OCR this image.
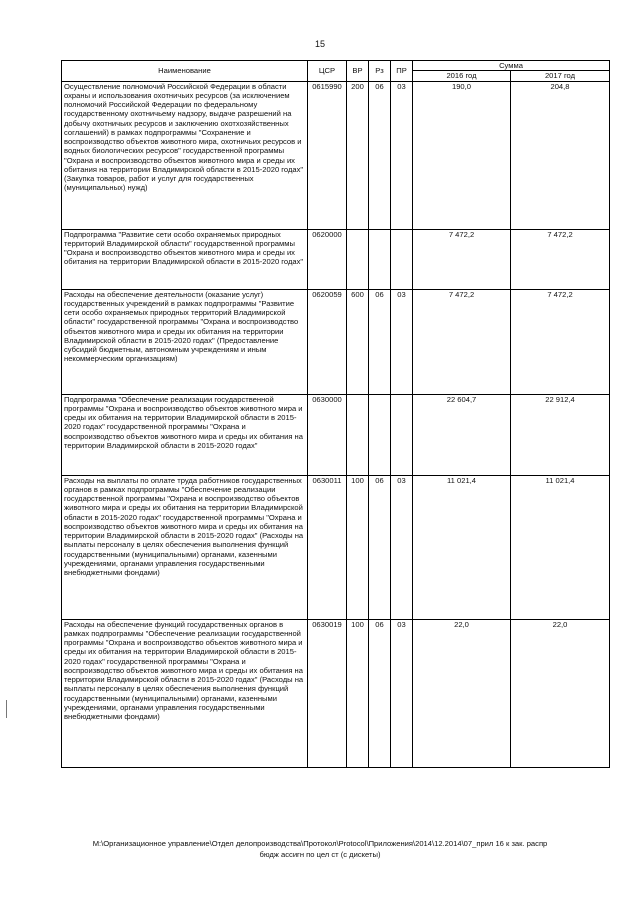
15
Наименование	ЦСР	ВР	Рз	ПР	Сумма	
					2016 год	2017 год
Осуществление полномочий Российской Федерации в области охраны и использования охотничьих ресурсов (за исключением полномочий Российской Федерации по федеральному государственному охотничьему надзору, выдаче разрешений на добычу охотничьих ресурсов и заключению охотхозяйственных соглашений) в рамках подпрограммы "Сохранение и воспроизводство объектов животного мира, охотничьих ресурсов и водных биологических ресурсов" государственной программы "Охрана и воспроизводство объектов животного мира и среды их обитания на территории Владимирской области в 2015-2020 годах" (Закупка товаров, работ и услуг для государственных (муниципальных) нужд)	0615990	200	06	03	190,0	204,8
Подпрограмма "Развитие сети особо охраняемых природных территорий Владимирской области" государственной программы "Охрана и воспроизводство объектов животного мира и среды их обитания на территории Владимирской области в 2015-2020 годах"	0620000				7 472,2	7 472,2
Расходы на обеспечение деятельности (оказание услуг) государственных учреждений в рамках подпрограммы "Развитие сети особо охраняемых природных территорий Владимирской области" государственной программы "Охрана и воспроизводство объектов животного мира и среды их обитания на территории Владимирской области в 2015-2020 годах" (Предоставление субсидий бюджетным, автономным учреждениям и иным некоммерческим организациям)	0620059	600	06	03	7 472,2	7 472,2
Подпрограмма "Обеспечение реализации государственной программы "Охрана и воспроизводство объектов животного мира и среды их обитания на территории Владимирской области в 2015-2020 годах" государственной программы "Охрана и воспроизводство объектов животного мира и среды их обитания на территории Владимирской области в 2015-2020 годах"	0630000				22 604,7	22 912,4
Расходы на выплаты по оплате труда работников государственных органов в рамках подпрограммы "Обеспечение реализации государственной программы "Охрана и воспроизводство объектов животного мира и среды их обитания на территории Владимирской области в 2015-2020 годах" государственной программы "Охрана и воспроизводство объектов животного мира и среды их обитания на территории Владимирской области в 2015-2020 годах" (Расходы на выплаты персоналу в целях обеспечения выполнения функций государственными (муниципальными) органами, казенными учреждениями, органами управления государственными внебюджетными фондами)	0630011	100	06	03	11 021,4	11 021,4
Расходы на обеспечение функций государственных органов в рамках подпрограммы "Обеспечение реализации государственной программы "Охрана и воспроизводство объектов животного мира и среды их обитания на территории Владимирской области в 2015-2020 годах" государственной программы "Охрана и воспроизводство объектов животного мира и среды их обитания на территории Владимирской области в 2015-2020 годах" (Расходы на выплаты персоналу в целях обеспечения выполнения функций государственными (муниципальными) органами, казенными учреждениями, органами управления государственными внебюджетными фондами)	0630019	100	06	03	22,0	22,0
M:\Организационное управление\Отдел делопроизводства\Протокол\Protocol\Приложения\2014\12.2014\07_прил 16 к зак. распр
бюдж ассигн по цел ст (с дискеты)
